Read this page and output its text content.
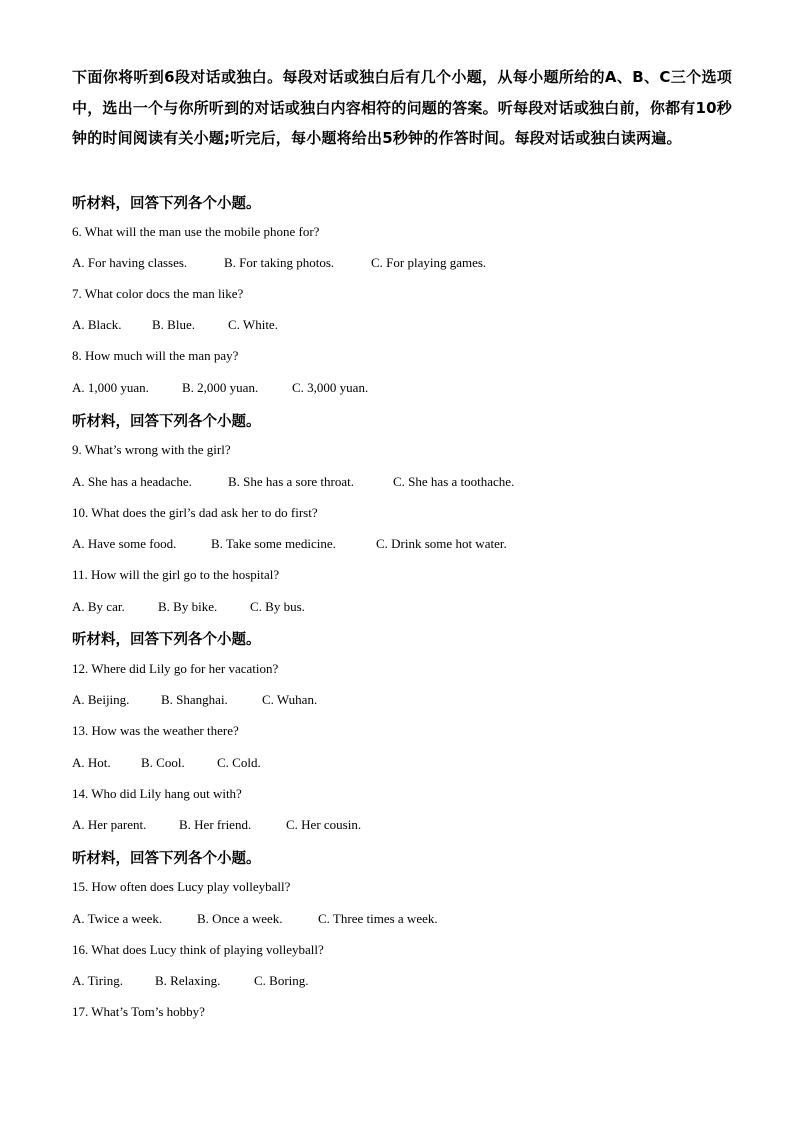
下面你将听到6段对话或独白。每段对话或独白后有几个小题，从每小题所给的A、B、C三个选项中，选出一个与你所听到的对话或独白内容相符的问题的答案。听每段对话或独白前，你都有10秒钟的时间阅读有关小题;听完后，每小题将给出5秒钟的作答时间。每段对话或独白读两遍。
听材料，回答下列各个小题。
6. What will the man use the mobile phone for?
A. For having classes.	B. For taking photos.	C. For playing games.
7. What color docs the man like?
A. Black. B. Blue.	C. White.
8. How much will the man pay?
A. 1,000 yuan.	B. 2,000 yuan.	C. 3,000 yuan.
听材料，回答下列各个小题。
9. What’s wrong with the girl?
A. She has a headache.	B. She has a sore throat.	C. She has a toothache.
10. What does the girl’s dad ask her to do first?
A. Have some food.	B. Take some medicine.	C. Drink some hot water.
11. How will the girl go to the hospital?
A. By car.	B. By bike.	C. By bus.
听材料，回答下列各个小题。
12. Where did Lily go for her vacation?
A. Beijing. B. Shanghai.	C. Wuhan.
13. How was the weather there?
A. Hot. B. Cool. C. Cold.
14. Who did Lily hang out with?
A. Her parent.	B. Her friend.	C. Her cousin.
听材料，回答下列各个小题。
15. How often does Lucy play volleyball?
A. Twice a week.	B. Once a week.	C. Three times a week.
16. What does Lucy think of playing volleyball?
A. Tiring. B. Relaxing.	C. Boring.
17. What’s Tom’s hobby?
